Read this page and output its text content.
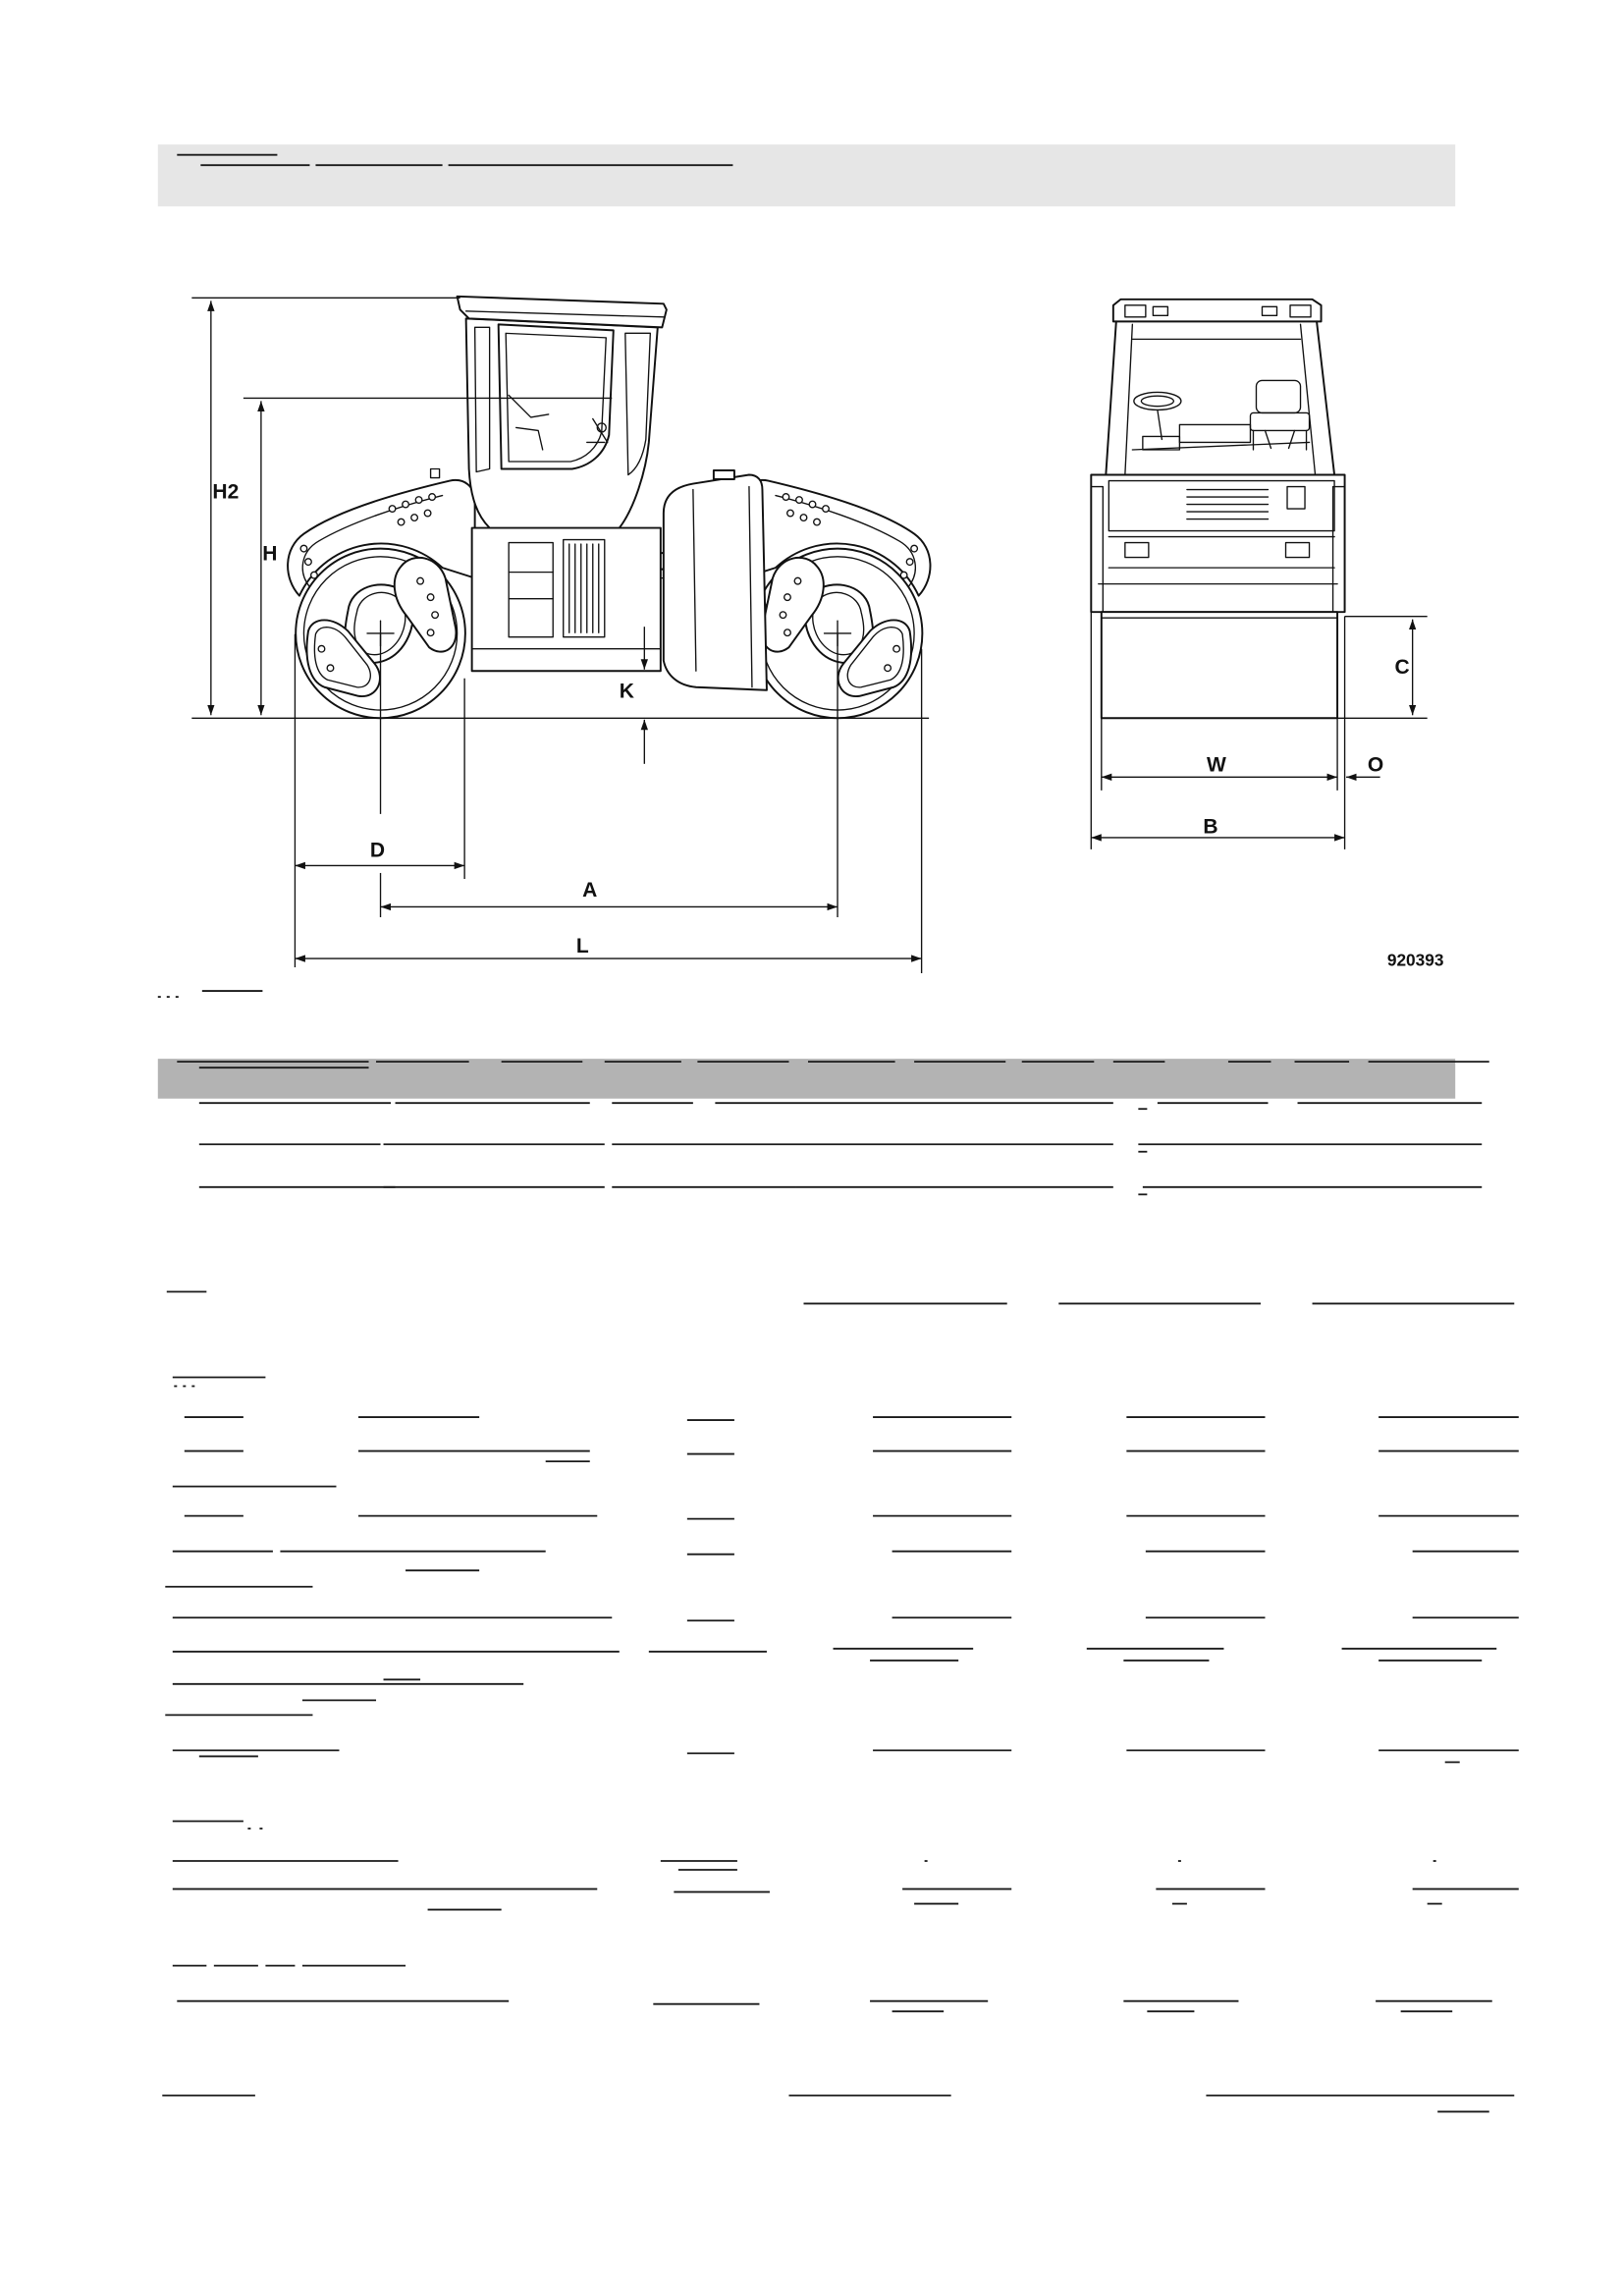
H2
H
K
D
A
L
C
W	O
B
920393
